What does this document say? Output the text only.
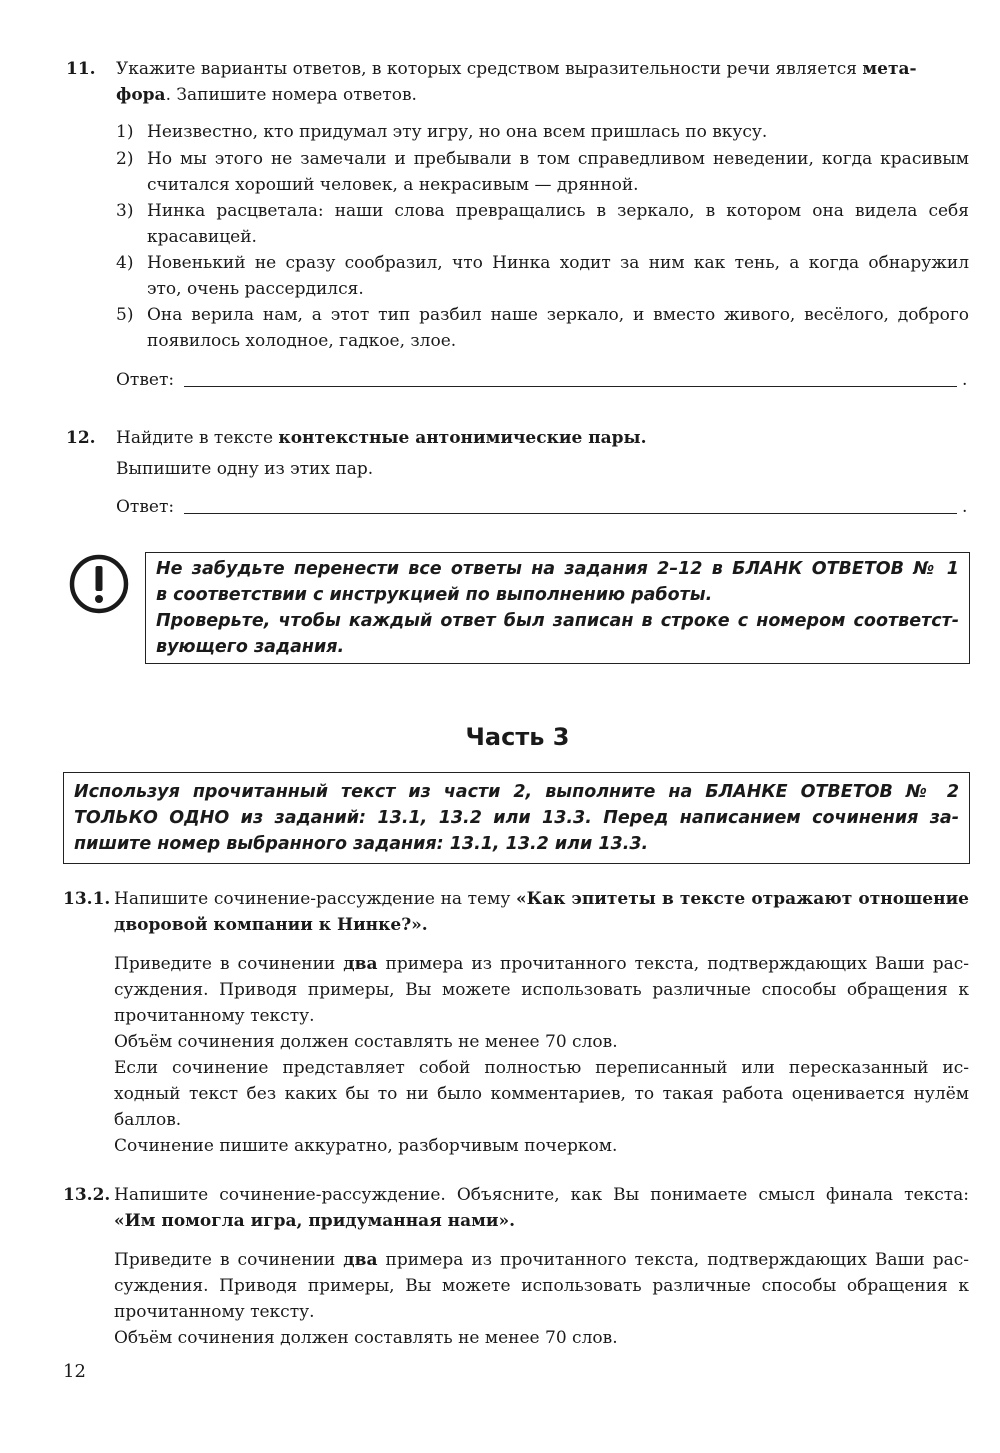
11. Укажите варианты ответов, в которых средством выразительности речи является мета-
фора. Запишите номера ответов.
1) Неизвестно, кто придумал эту игру, но она всем пришлась по вкусу.
2) Но мы этого не замечали и пребывали в том справедливом неведении, когда красивым
считался хороший человек, а некрасивым — дрянной.
3) Нинка расцветала: наши слова превращались в зеркало, в котором она видела себя
красавицей.
4) Новенький не сразу сообразил, что Нинка ходит за ним как тень, а когда обнаружил
это, очень рассердился.
5) Она верила нам, а этот тип разбил наше зеркало, и вместо живого, весёлого, доброго
появилось холодное, гадкое, злое.
Ответ:	.
12. Найдите в тексте контекстные антонимические пары.
Выпишите одну из этих пар.
Ответ:	.
Не забудьте перенести все ответы на задания 2–12 в БЛАНК ОТВЕТОВ № 1
в соответствии с инструкцией по выполнению работы.
Проверьте, чтобы каждый ответ был записан в строке с номером соответст-
вующего задания.
Часть 3
Используя прочитанный текст из части 2, выполните на БЛАНКЕ ОТВЕТОВ № 2
ТОЛЬКО ОДНО из заданий: 13.1, 13.2 или 13.3. Перед написанием сочинения за-
пишите номер выбранного задания: 13.1, 13.2 или 13.3.
13.1. Напишите сочинение-рассуждение на тему «Как эпитеты в тексте отражают отношение
дворовой компании к Нинке?».
Приведите в сочинении два примера из прочитанного текста, подтверждающих Ваши рас-
суждения. Приводя примеры, Вы можете использовать различные способы обращения к
прочитанному тексту.
Объём сочинения должен составлять не менее 70 слов.
Если сочинение представляет собой полностью переписанный или пересказанный ис-
ходный текст без каких бы то ни было комментариев, то такая работа оценивается нулём
баллов.
Сочинение пишите аккуратно, разборчивым почерком.
13.2. Напишите сочинение-рассуждение. Объясните, как Вы понимаете смысл финала текста:
«Им помогла игра, придуманная нами».
Приведите в сочинении два примера из прочитанного текста, подтверждающих Ваши рас-
суждения. Приводя примеры, Вы можете использовать различные способы обращения к
прочитанному тексту.
Объём сочинения должен составлять не менее 70 слов.
12
